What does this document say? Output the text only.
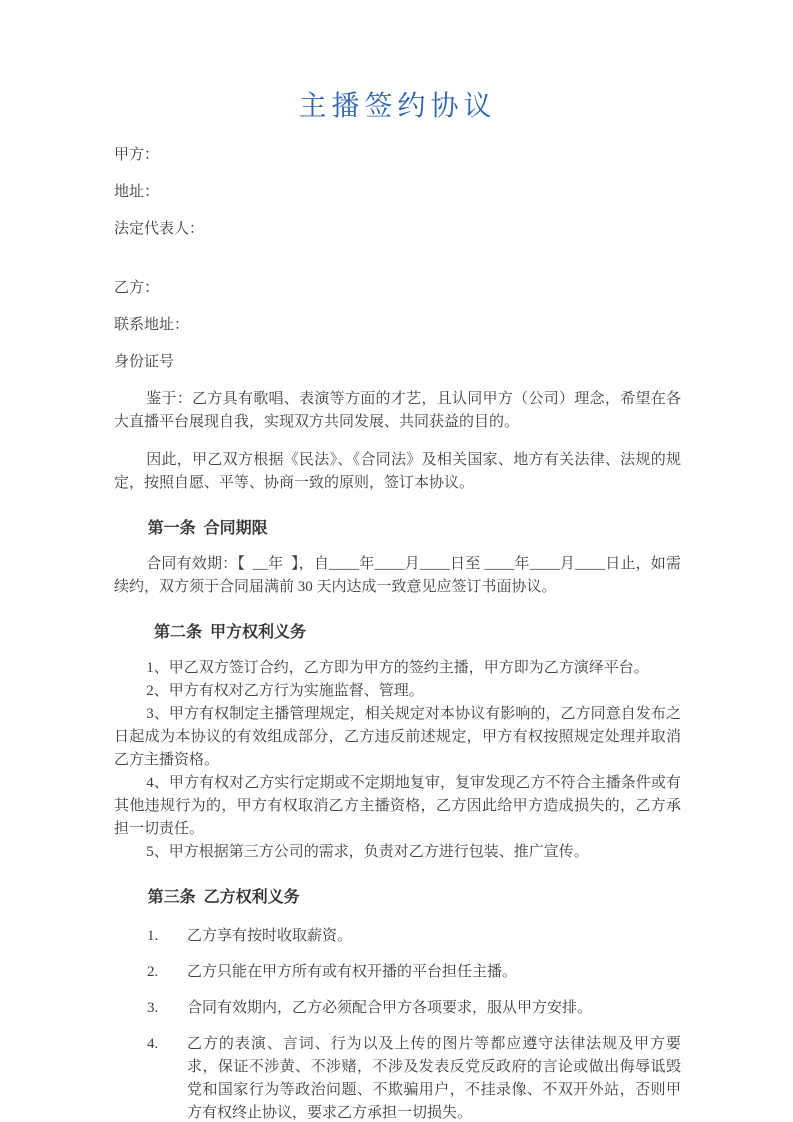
主播签约协议

甲方：

地址：

法定代表人：

乙方：

联系地址：

身份证号

鉴于：乙方具有歌唱、表演等方面的才艺，且认同甲方（公司）理念，希望在各大直播平台展现自我，实现双方共同发展、共同获益的目的。

因此，甲乙双方根据《民法》、《合同法》及相关国家、地方有关法律、法规的规定，按照自愿、平等、协商一致的原则，签订本协议。

第一条  合同期限

合同有效期：【  __年  】，自____年____月____日至 ____年____月____日止，如需续约，双方须于合同届满前 30 天内达成一致意见应签订书面协议。

第二条  甲方权利义务

1、甲乙双方签订合约，乙方即为甲方的签约主播，甲方即为乙方演绎平台。

2、甲方有权对乙方行为实施监督、管理。

3、甲方有权制定主播管理规定，相关规定对本协议有影响的，乙方同意自发布之日起成为本协议的有效组成部分，乙方违反前述规定，甲方有权按照规定处理并取消乙方主播资格。

4、甲方有权对乙方实行定期或不定期地复审，复审发现乙方不符合主播条件或有其他违规行为的，甲方有权取消乙方主播资格，乙方因此给甲方造成损失的，乙方承担一切责任。

5、甲方根据第三方公司的需求，负责对乙方进行包装、推广宣传。

第三条  乙方权利义务
1.	乙方享有按时收取薪资。
2.	乙方只能在甲方所有或有权开播的平台担任主播。
3.	合同有效期内，乙方必须配合甲方各项要求，服从甲方安排。
4.	乙方的表演、言词、行为以及上传的图片等都应遵守法律法规及甲方要求，保证不涉黄、不涉赌，不涉及发表反党反政府的言论或做出侮辱诋毁党和国家行为等政治问题、不欺骗用户，不挂录像、不双开外站，否则甲方有权终止协议，要求乙方承担一切损失。
